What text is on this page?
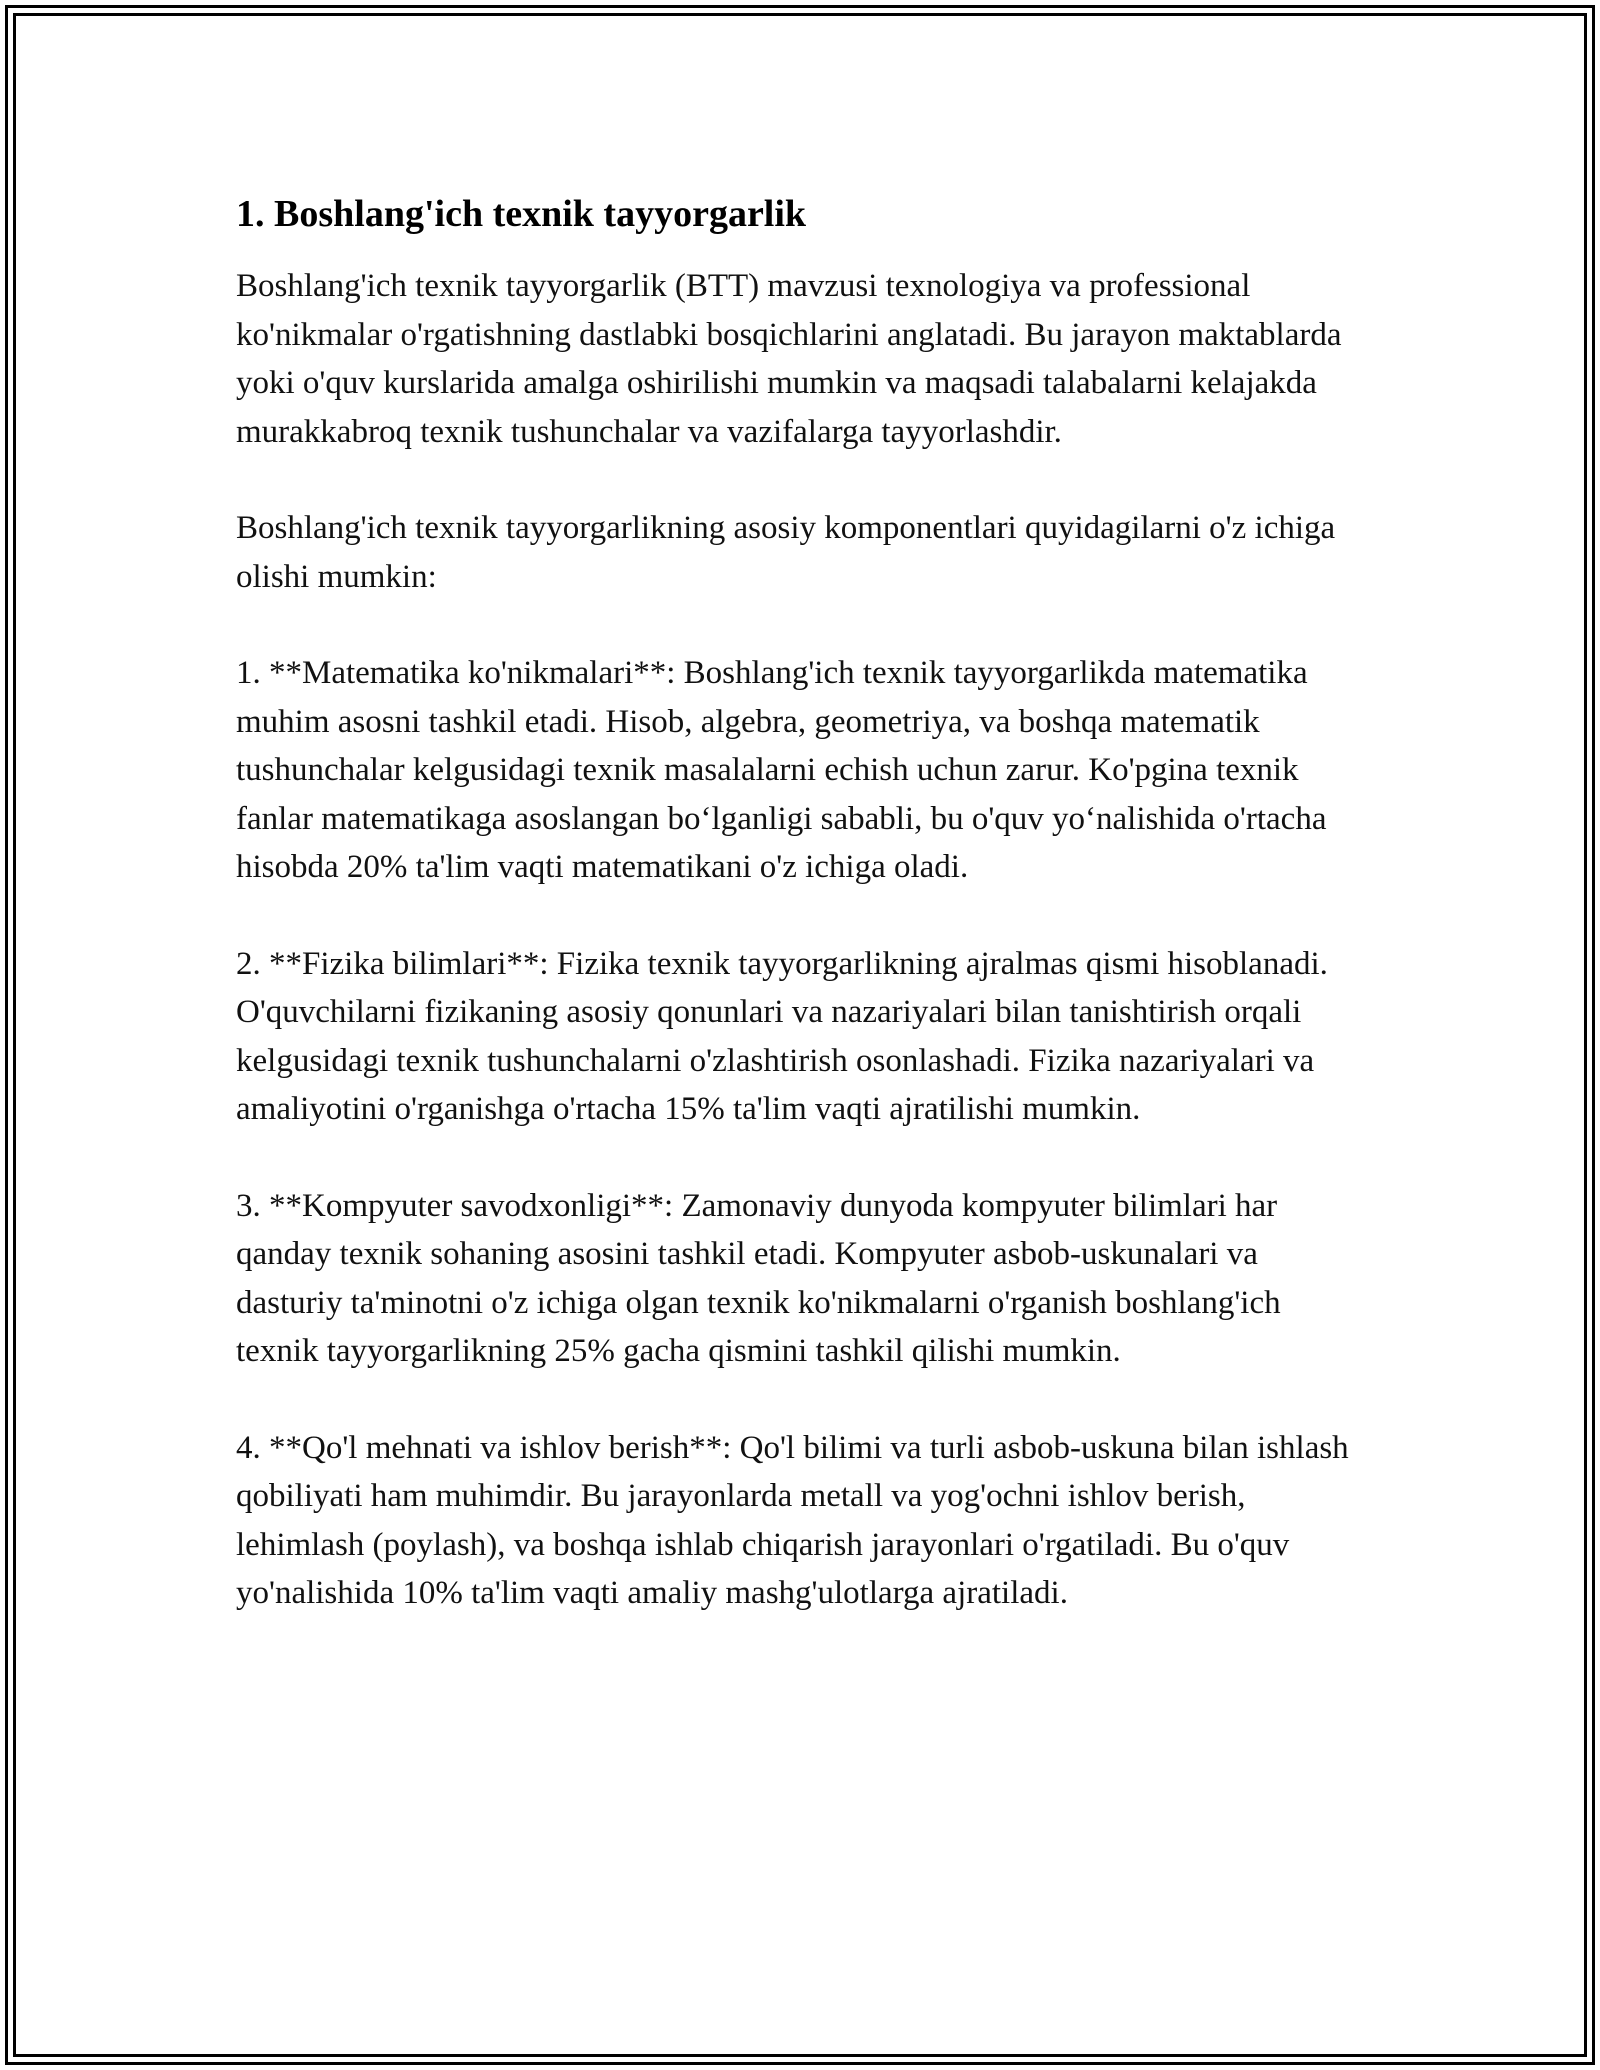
1. Boshlang'ich texnik tayyorgarlik

Boshlang'ich texnik tayyorgarlik (BTT) mavzusi texnologiya va professional ko'nikmalar o'rgatishning dastlabki bosqichlarini anglatadi. Bu jarayon maktablarda yoki o'quv kurslarida amalga oshirilishi mumkin va maqsadi talabalarni kelajakda murakkabroq texnik tushunchalar va vazifalarga tayyorlashdir.

Boshlang'ich texnik tayyorgarlikning asosiy komponentlari quyidagilarni o'z ichiga olishi mumkin:

1. **Matematika ko'nikmalari**: Boshlang'ich texnik tayyorgarlikda matematika muhim asosni tashkil etadi. Hisob, algebra, geometriya, va boshqa matematik tushunchalar kelgusidagi texnik masalalarni echish uchun zarur. Ko'pgina texnik fanlar matematikaga asoslangan bo‘lganligi sababli, bu o'quv yo‘nalishida o'rtacha hisobda 20% ta'lim vaqti matematikani o'z ichiga oladi.

2. **Fizika bilimlari**: Fizika texnik tayyorgarlikning ajralmas qismi hisoblanadi. O'quvchilarni fizikaning asosiy qonunlari va nazariyalari bilan tanishtirish orqali kelgusidagi texnik tushunchalarni o'zlashtirish osonlashadi. Fizika nazariyalari va amaliyotini o'rganishga o'rtacha 15% ta'lim vaqti ajratilishi mumkin.

3. **Kompyuter savodxonligi**: Zamonaviy dunyoda kompyuter bilimlari har qanday texnik sohaning asosini tashkil etadi. Kompyuter asbob-uskunalari va dasturiy ta'minotni o'z ichiga olgan texnik ko'nikmalarni o'rganish boshlang'ich texnik tayyorgarlikning 25% gacha qismini tashkil qilishi mumkin.

4. **Qo'l mehnati va ishlov berish**: Qo'l bilimi va turli asbob-uskuna bilan ishlash qobiliyati ham muhimdir. Bu jarayonlarda metall va yog'ochni ishlov berish, lehimlash (poylash), va boshqa ishlab chiqarish jarayonlari o'rgatiladi. Bu o'quv yo'nalishida 10% ta'lim vaqti amaliy mashg'ulotlarga ajratiladi.
